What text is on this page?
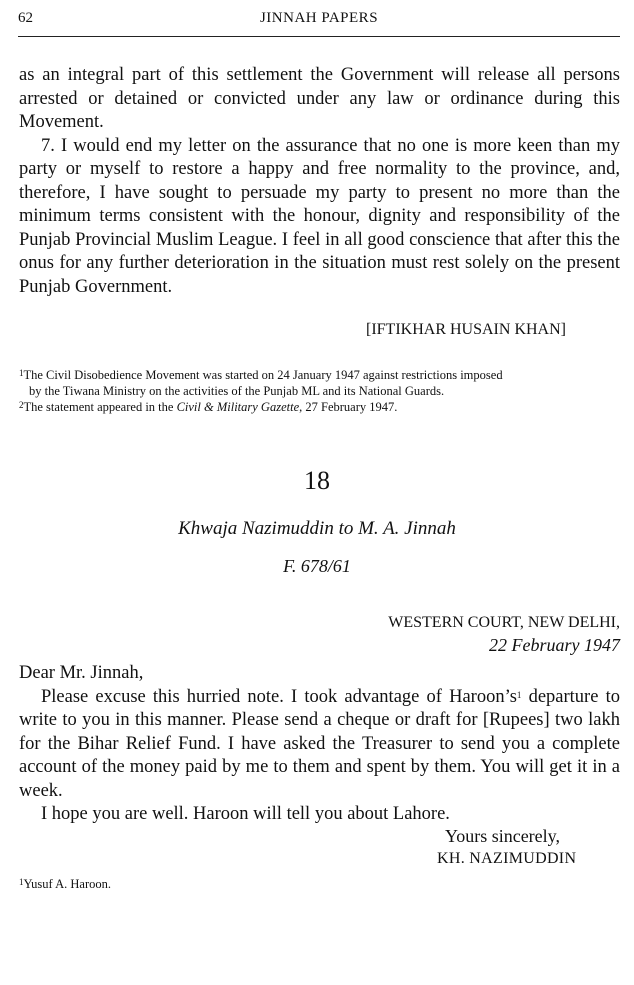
62	JINNAH PAPERS

as an integral part of this settlement the Government will release all persons arrested or detained or convicted under any law or ordinance during this Movement.

7. I would end my letter on the assurance that no one is more keen than my party or myself to restore a happy and free normality to the province, and, therefore, I have sought to persuade my party to present no more than the minimum terms consistent with the honour, dignity and responsibility of the Punjab Provincial Muslim League. I feel in all good conscience that after this the onus for any further deterioration in the situation must rest solely on the present Punjab Government.

[IFTIKHAR HUSAIN KHAN]

$^1$The Civil Disobedience Movement was started on 24 January 1947 against restrictions imposed

by the Tiwana Ministry on the activities of the Punjab ML and its National Guards.

$^2$The statement appeared in the Civil & Military Gazette, 27 February 1947.

18
Khwaja Nazimuddin to M. A. Jinnah
F. 678/61
WESTERN COURT, NEW DELHI,
22 February 1947

Dear Mr. Jinnah,

Please excuse this hurried note. I took advantage of $Haroon’s^1$ departure to write to you in this manner. Please send a cheque or draft for [Rupees] two lakh for the Bihar Relief Fund. I have asked the Treasurer to send you a complete account of the money paid by me to them and spent by them. You will get it in a week.

I hope you are well. Haroon will tell you about Lahore.

Yours sincerely,
KH. NAZIMUDDIN

$^1$Yusuf A. Haroon.
